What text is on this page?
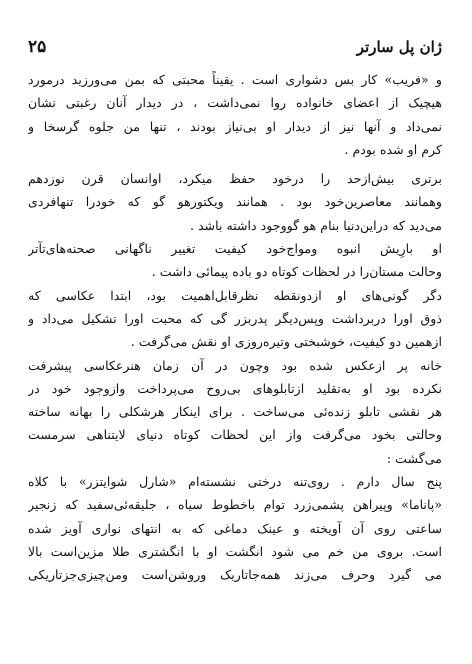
ژان‌ پل‌ سارتر
۲۵
و «فریب» کار بس دشواری است . یقیناً محبتی که بمن می‌ورزید درمورد
هیچیک از اعضای خانواده روا نمی‌داشت ، در دیدار آنان رغبتی نشان
نمی‌داد و آنها نیز از دیدار او بی‌نیاز بودند ، تنها من جلوه گرسخا و
کرم او شده بودم .
برتری بیش‌ازحد را درخود حفظ میکرد، اوانسان قرن نوزدهم
وهمانند معاصرین‌خود بود . همانند ویکتورهو گو که خودرا تنهافردی
می‌دید که دراین‌دنیا بنام هو گووجود داشته باشد .
او بارِیش انبوه ومواج‌خود کیفیت تغییر ناگهانی صحنه‌های‌تآتر
وحالت مستان‌را در لحظات کوتاه دو باده پیمائی داشت .
دگر گونی‌های او ازدونقطه نظرقابل‌اهمیت بود، ابتدا عکاسی که
ذوق اورا دربرداشت وپس‌دیگر پدربزر گی که محبت اورا تشکیل می‌داد و
ازهمین دو کیفیت، خوشبختی وتیره‌روزی او نقش می‌گرفت .
خانه پر ازعکس شده بود وچون در آن زمان هنرعکاسی پیشرفت
نکرده بود او به‌تقلید ازتابلوهای بی‌روح می‌پرداخت وازوجود خود در
هر نقشی تابلو زنده‌ئی می‌ساخت . برای اینکار هرشکلی را بهانه ساخته
وحالتی بخود می‌گرفت واز این لحظات کوتاه دنیای لایتناهی سرمست
می‌گشت :
پنج سال دارم . روی‌تنه درختی نشسته‌ام «شارل شوایتزر» با کلاه
«پاناما» وپیراهن پشمی‌زرد توام باخطوط سیاه ، جلیقه‌ئی‌سفید که زنجیر
ساعتی روی آن آویخته و عینک دماغی که به انتهای نواری آویز شده
است. بروی من خم می شود انگشت او با انگشتری طلا مزین‌است بالا
می گیرد وحرف می‌زند همه‌جاتاریک وروشن‌است ومن‌چیزی‌جزتاریکی
